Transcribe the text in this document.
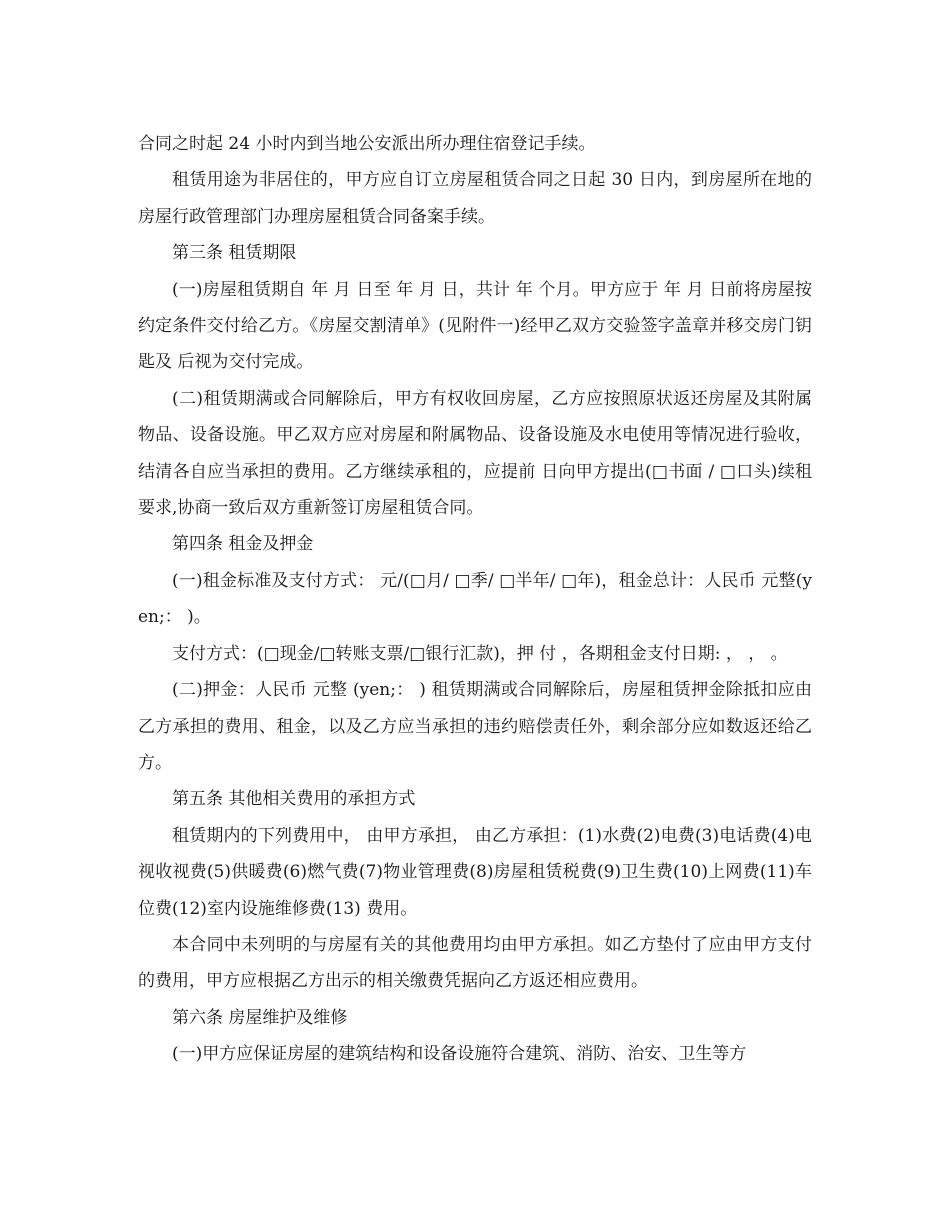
合同之时起 24 小时内到当地公安派出所办理住宿登记手续。

租赁用途为非居住的，甲方应自订立房屋租赁合同之日起 30 日内，到房屋所在地的房屋行政管理部门办理房屋租赁合同备案手续。

第三条 租赁期限

(一)房屋租赁期自 年 月 日至 年 月 日，共计 年 个月。甲方应于 年 月 日前将房屋按约定条件交付给乙方。《房屋交割清单》(见附件一)经甲乙双方交验签字盖章并移交房门钥匙及 后视为交付完成。

(二)租赁期满或合同解除后，甲方有权收回房屋，乙方应按照原状返还房屋及其附属物品、设备设施。甲乙双方应对房屋和附属物品、设备设施及水电使用等情况进行验收，结清各自应当承担的费用。乙方继续承租的，应提前 日向甲方提出(□书面 / □口头)续租要求,协商一致后双方重新签订房屋租赁合同。

第四条 租金及押金

(一)租金标准及支付方式： 元/(□月/ □季/ □半年/ □年)，租金总计：人民币 元整(yen;： )。

支付方式：(□现金/□转账支票/□银行汇款)，押 付 ，各期租金支付日期: ， ， 。

(二)押金：人民币 元整 (yen;： ) 租赁期满或合同解除后，房屋租赁押金除抵扣应由乙方承担的费用、租金，以及乙方应当承担的违约赔偿责任外，剩余部分应如数返还给乙方。

第五条 其他相关费用的承担方式

租赁期内的下列费用中， 由甲方承担， 由乙方承担：(1)水费(2)电费(3)电话费(4)电视收视费(5)供暖费(6)燃气费(7)物业管理费(8)房屋租赁税费(9)卫生费(10)上网费(11)车位费(12)室内设施维修费(13) 费用。

本合同中未列明的与房屋有关的其他费用均由甲方承担。如乙方垫付了应由甲方支付的费用，甲方应根据乙方出示的相关缴费凭据向乙方返还相应费用。

第六条 房屋维护及维修

(一)甲方应保证房屋的建筑结构和设备设施符合建筑、消防、治安、卫生等方
